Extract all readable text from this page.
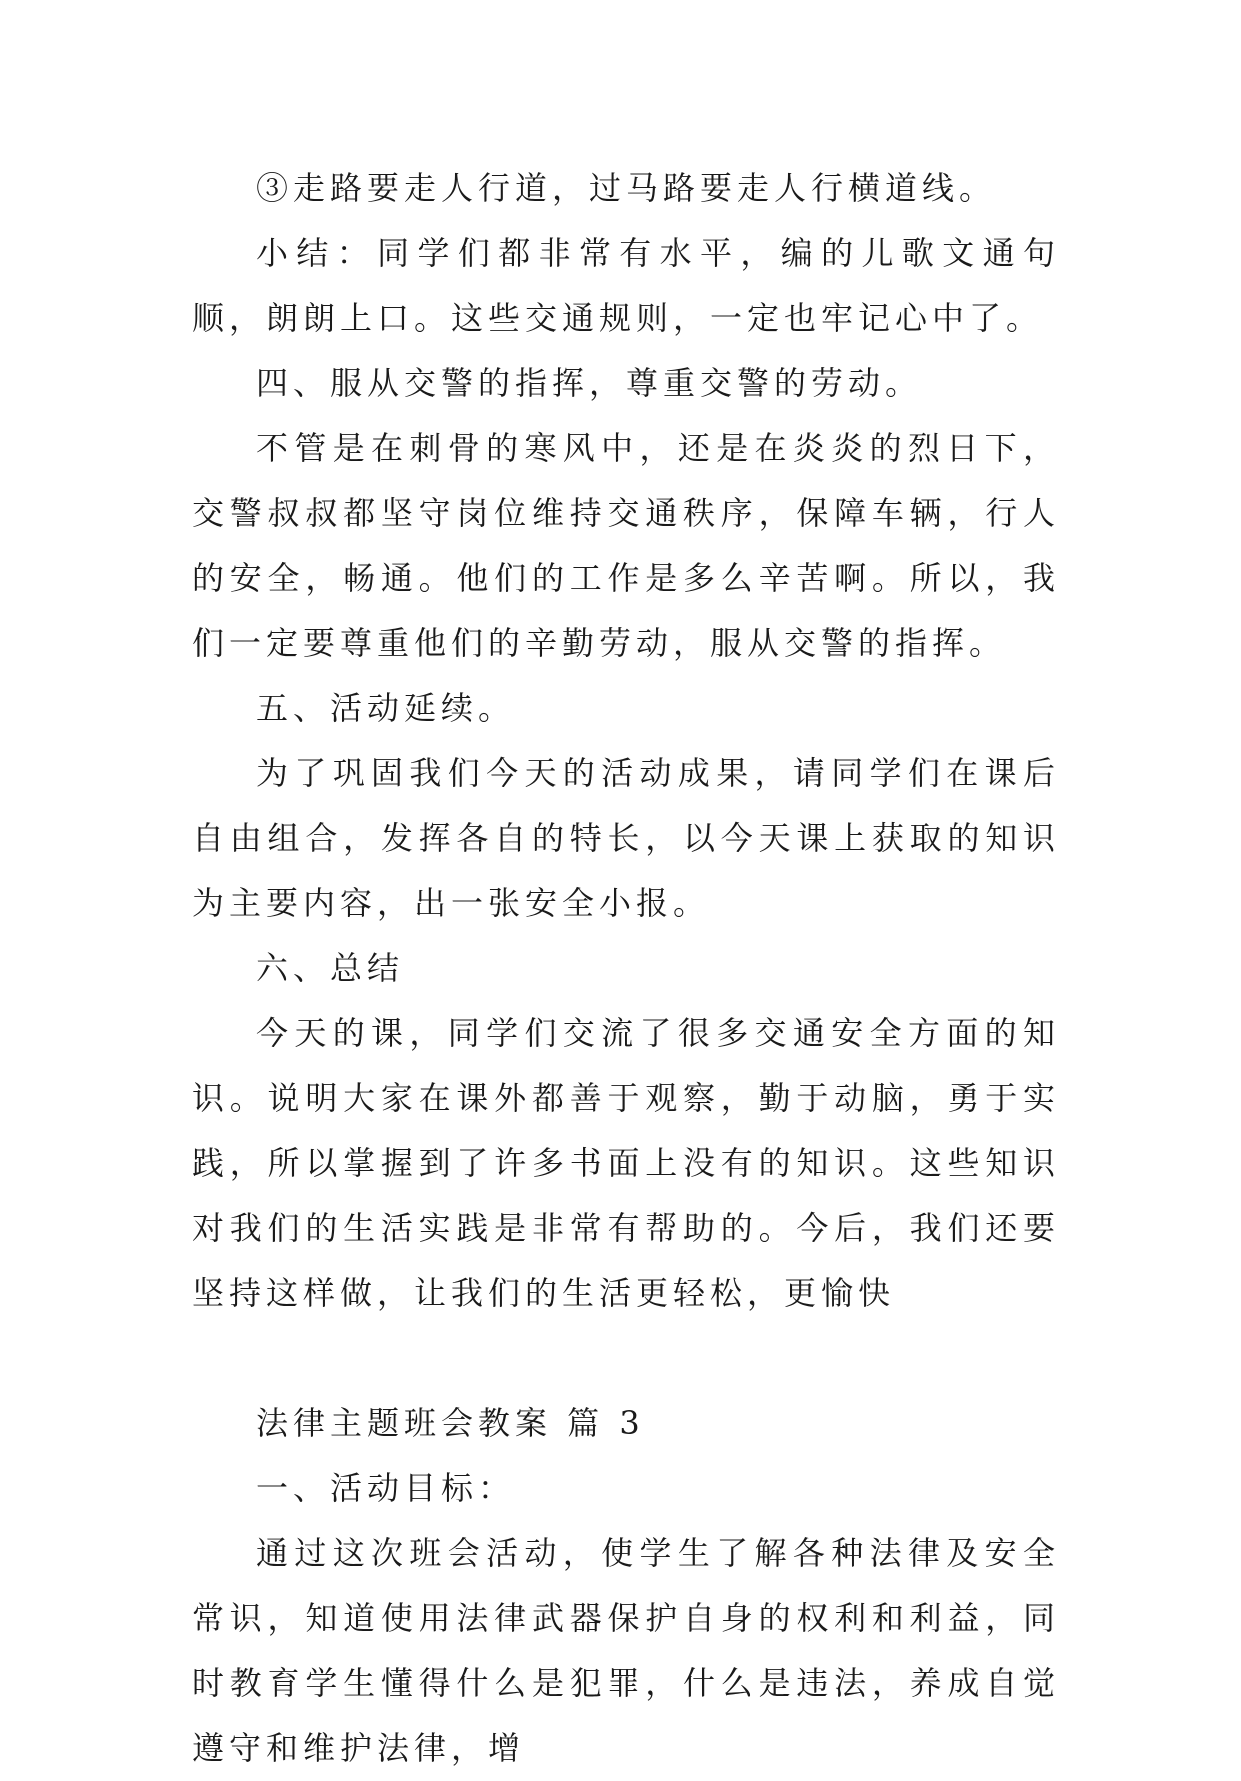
③走路要走人行道，过马路要走人行横道线。

小结：同学们都非常有水平，编的儿歌文通句顺，朗朗上口。这些交通规则，一定也牢记心中了。

四、服从交警的指挥，尊重交警的劳动。

不管是在刺骨的寒风中，还是在炎炎的烈日下，交警叔叔都坚守岗位维持交通秩序，保障车辆，行人的安全，畅通。他们的工作是多么辛苦啊。所以，我们一定要尊重他们的辛勤劳动，服从交警的指挥。

五、活动延续。

为了巩固我们今天的活动成果，请同学们在课后自由组合，发挥各自的特长，以今天课上获取的知识为主要内容，出一张安全小报。

六、总结

今天的课，同学们交流了很多交通安全方面的知识。说明大家在课外都善于观察，勤于动脑，勇于实践，所以掌握到了许多书面上没有的知识。这些知识对我们的生活实践是非常有帮助的。今后，我们还要坚持这样做，让我们的生活更轻松，更愉快

法律主题班会教案 篇 3

一、活动目标：

通过这次班会活动，使学生了解各种法律及安全常识，知道使用法律武器保护自身的权利和利益，同时教育学生懂得什么是犯罪，什么是违法，养成自觉遵守和维护法律，增
